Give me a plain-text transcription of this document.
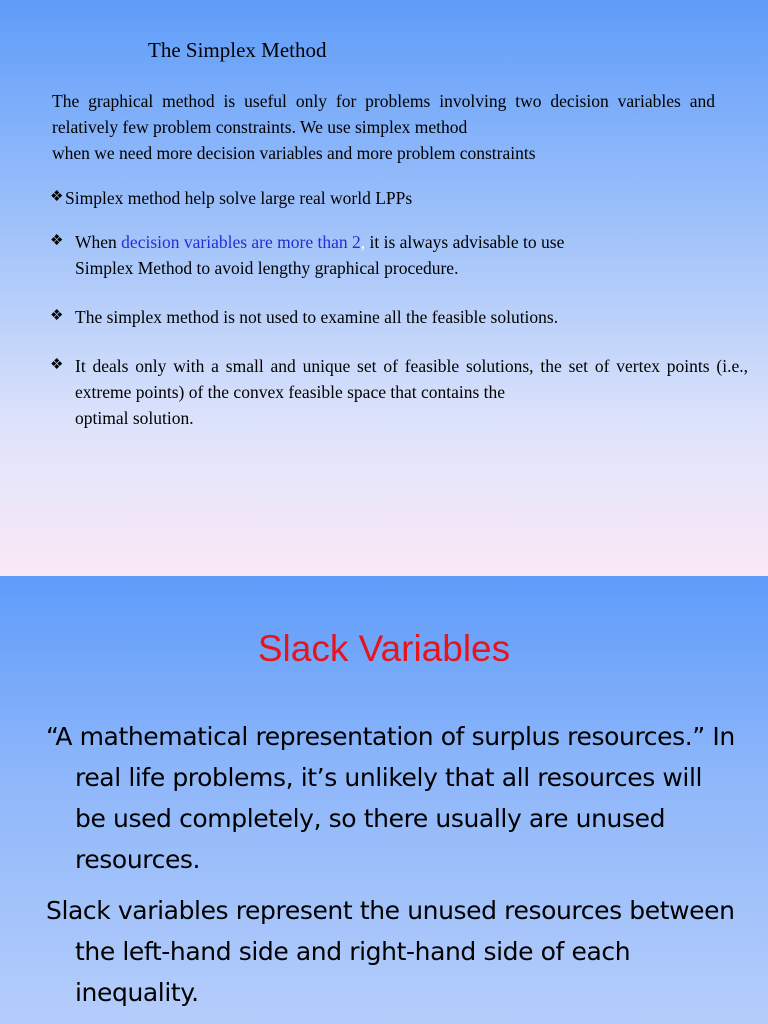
The Simplex Method
The graphical method is useful only for problems involving two decision variables and relatively few problem constraints. We use simplex method
when we need more decision variables and more problem constraints
❖ Simplex method help solve large real world LPPs
❖ When decision variables are more than 2, it is always advisable to use
Simplex Method to avoid lengthy graphical procedure.
❖ The simplex method is not used to examine all the feasible solutions.
❖ It deals only with a small and unique set of feasible solutions, the set of vertex points (i.e., extreme points) of the convex feasible space that contains the
optimal solution.
Slack Variables
“A mathematical representation of surplus resources.” In real life problems, it’s unlikely that all resources will be used completely, so there usually are unused resources.
Slack variables represent the unused resources between the left-hand side and right-hand side of each inequality.
